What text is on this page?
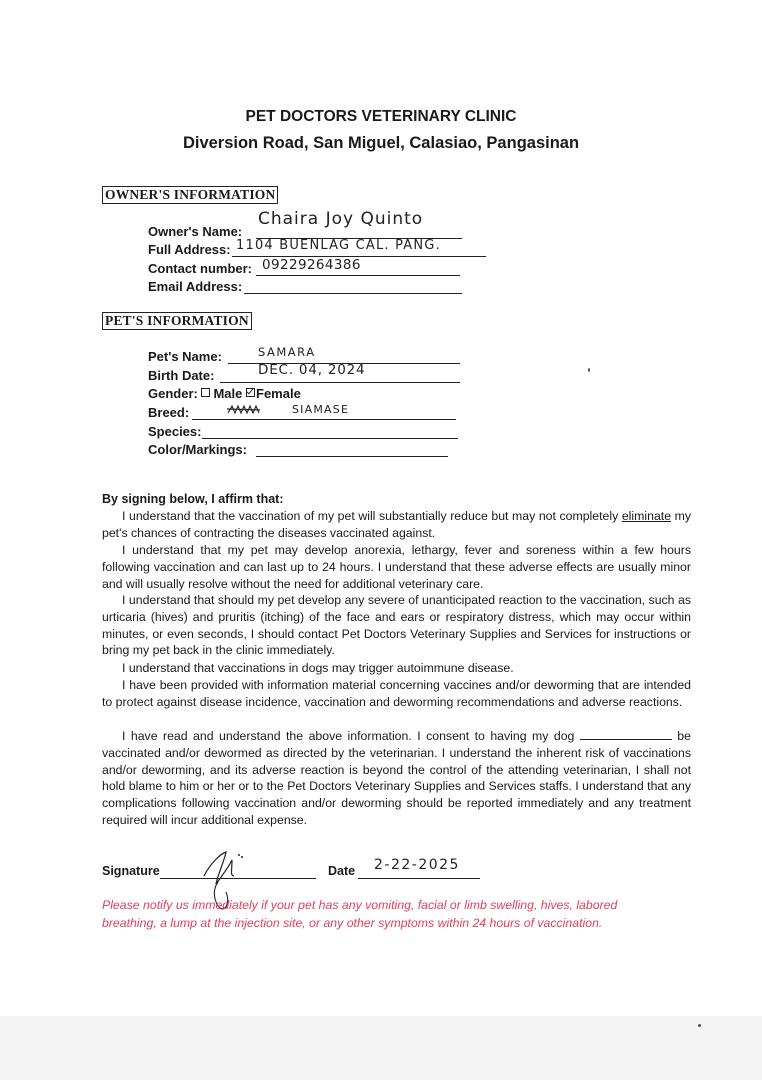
PET DOCTORS VETERINARY CLINIC
Diversion Road, San Miguel, Calasiao, Pangasinan
OWNER'S INFORMATION
Owner's Name:
Chaira Joy Quinto
Full Address: 1104 BUENLAG CAL. PANG.
Contact number: 09229264386
Email Address:
PET'S INFORMATION
Pet's Name:	SAMARA
Birth Date:	DEC. 04, 2024
Gender: Male Female
Breed:	SIAMASE
Species:
Color/Markings:
By signing below, I affirm that:
I understand that the vaccination of my pet will substantially reduce but may not completely eliminate my pet's chances of contracting the diseases vaccinated against.
I understand that my pet may develop anorexia, lethargy, fever and soreness within a few hours following vaccination and can last up to 24 hours. I understand that these adverse effects are usually minor and will usually resolve without the need for additional veterinary care.
I understand that should my pet develop any severe of unanticipated reaction to the vaccination, such as urticaria (hives) and pruritis (itching) of the face and ears or respiratory distress, which may occur within minutes, or even seconds, I should contact Pet Doctors Veterinary Supplies and Services for instructions or bring my pet back in the clinic immediately.
I understand that vaccinations in dogs may trigger autoimmune disease.
I have been provided with information material concerning vaccines and/or deworming that are intended to protect against disease incidence, vaccination and deworming recommendations and adverse reactions.
I have read and understand the above information. I consent to having my dog	be vaccinated and/or dewormed as directed by the veterinarian. I understand the inherent risk of vaccinations and/or deworming, and its adverse reaction is beyond the control of the attending veterinarian, I shall not hold blame to him or her or to the Pet Doctors Veterinary Supplies and Services staffs. I understand that any complications following vaccination and/or deworming should be reported immediately and any treatment required will incur additional expense.
Signature	Date 2-22-2025
Please notify us immediately if your pet has any vomiting, facial or limb swelling, hives, labored breathing, a lump at the injection site, or any other symptoms within 24 hours of vaccination.
